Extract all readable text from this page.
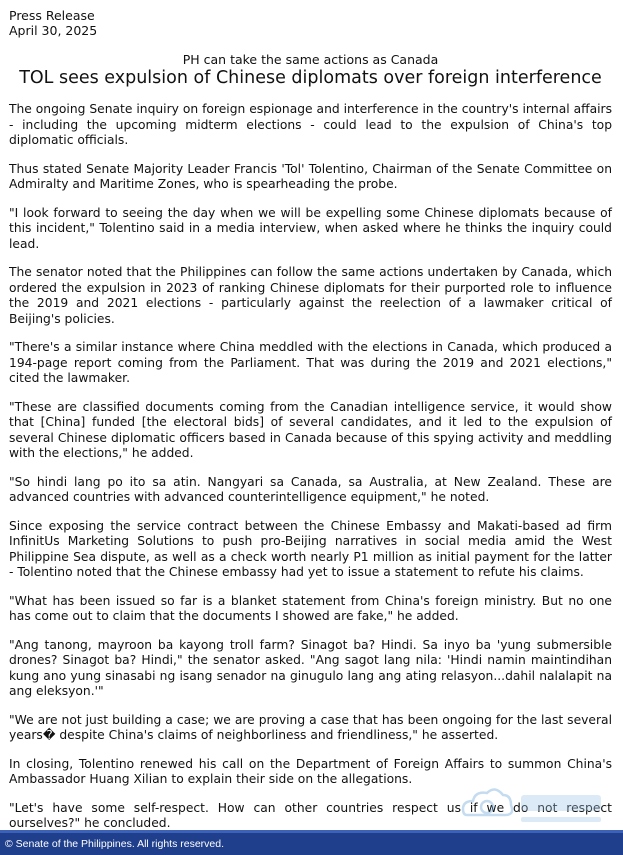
Press Release
April 30, 2025
PH can take the same actions as Canada
TOL sees expulsion of Chinese diplomats over foreign interference

The ongoing Senate inquiry on foreign espionage and interference in the country's internal affairs - including the upcoming midterm elections - could lead to the expulsion of China's top diplomatic officials.

Thus stated Senate Majority Leader Francis 'Tol' Tolentino, Chairman of the Senate Committee on Admiralty and Maritime Zones, who is spearheading the probe.

"I look forward to seeing the day when we will be expelling some Chinese diplomats because of this incident," Tolentino said in a media interview, when asked where he thinks the inquiry could lead.

The senator noted that the Philippines can follow the same actions undertaken by Canada, which ordered the expulsion in 2023 of ranking Chinese diplomats for their purported role to influence the 2019 and 2021 elections - particularly against the reelection of a lawmaker critical of Beijing's policies.

"There's a similar instance where China meddled with the elections in Canada, which produced a 194-page report coming from the Parliament. That was during the 2019 and 2021 elections," cited the lawmaker.

"These are classified documents coming from the Canadian intelligence service, it would show that [China] funded [the electoral bids] of several candidates, and it led to the expulsion of several Chinese diplomatic officers based in Canada because of this spying activity and meddling with the elections," he added.

"So hindi lang po ito sa atin. Nangyari sa Canada, sa Australia, at New Zealand. These are advanced countries with advanced counterintelligence equipment," he noted.

Since exposing the service contract between the Chinese Embassy and Makati-based ad firm InfinitUs Marketing Solutions to push pro-Beijing narratives in social media amid the West Philippine Sea dispute, as well as a check worth nearly P1 million as initial payment for the latter - Tolentino noted that the Chinese embassy had yet to issue a statement to refute his claims.

"What has been issued so far is a blanket statement from China's foreign ministry. But no one has come out to claim that the documents I showed are fake," he added.

"Ang tanong, mayroon ba kayong troll farm? Sinagot ba? Hindi. Sa inyo ba 'yung submersible drones? Sinagot ba? Hindi," the senator asked. "Ang sagot lang nila: 'Hindi namin maintindihan kung ano yung sinasabi ng isang senador na ginugulo lang ang ating relasyon...dahil nalalapit na ang eleksyon.'"

"We are not just building a case; we are proving a case that has been ongoing for the last several years� despite China's claims of neighborliness and friendliness," he asserted.

In closing, Tolentino renewed his call on the Department of Foreign Affairs to summon China's Ambassador Huang Xilian to explain their side on the allegations.

"Let's have some self-respect. How can other countries respect us if we do not respect ourselves?" he concluded.

© Senate of the Philippines. All rights reserved.
